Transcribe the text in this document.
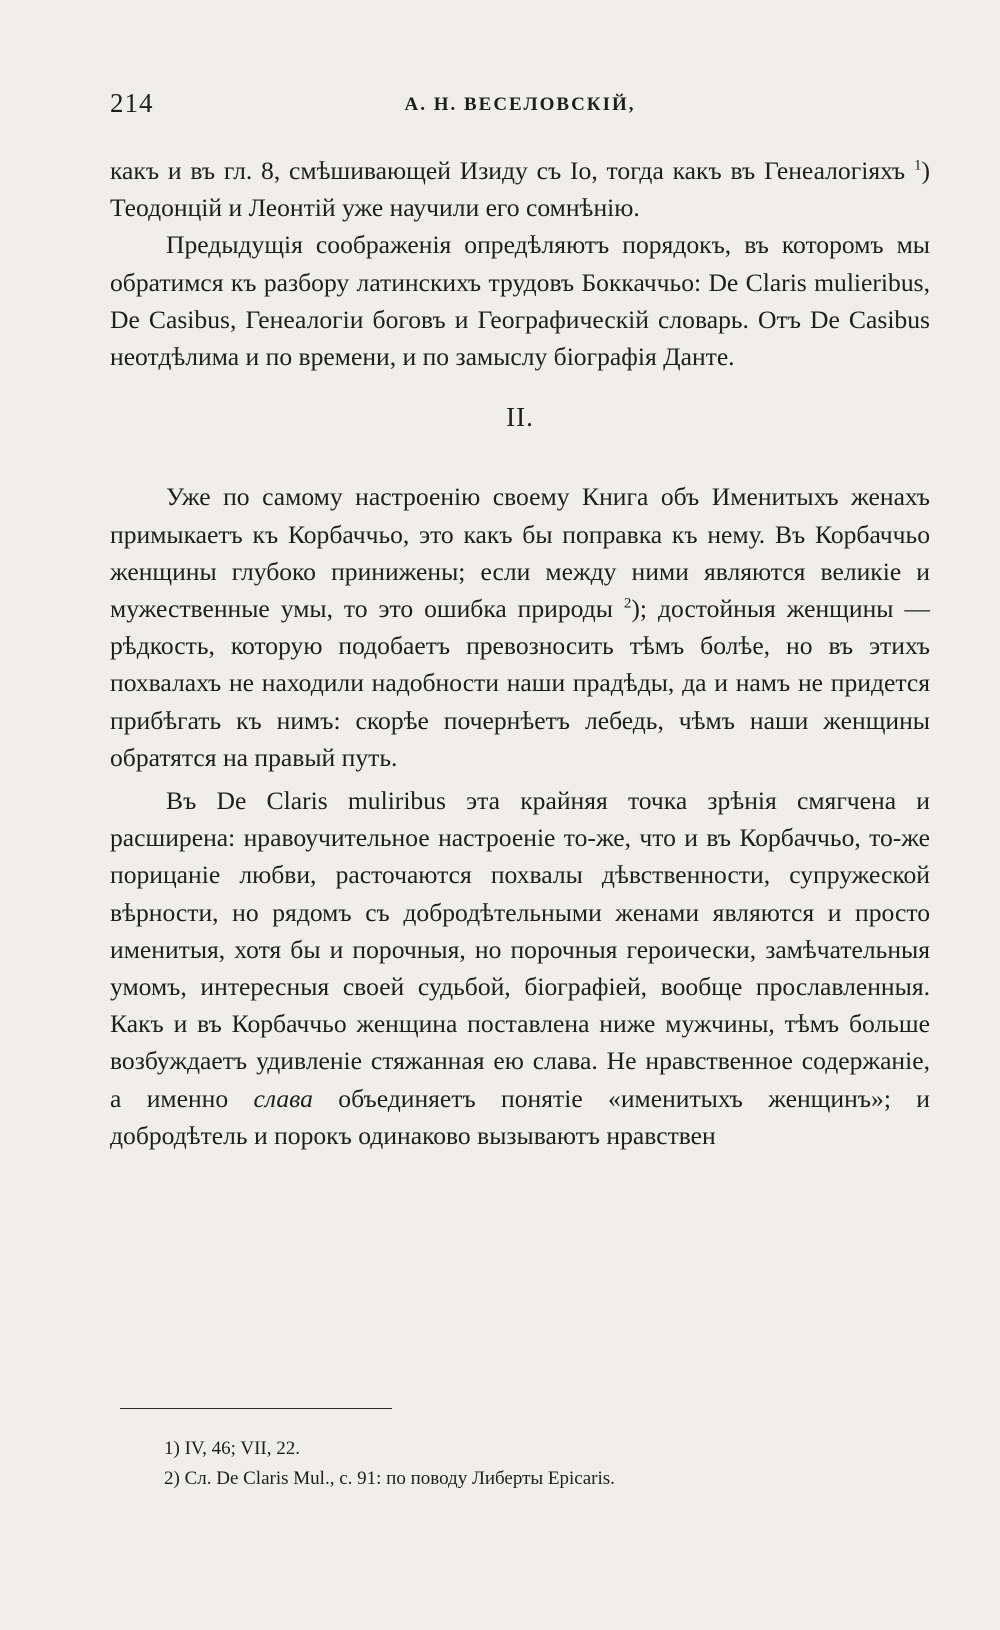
214	А. Н. ВЕСЕЛОВСКІЙ,

какъ и въ гл. 8, смѣшивающей Изиду съ Іо, тогда какъ въ Генеалогіяхъ $^1$) Теодонцій и Леонтій уже научили его сомнѣнію.

Предыдущія соображенія опредѣляютъ порядокъ, въ которомъ мы обратимся къ разбору латинскихъ трудовъ Боккаччьо: De Claris mulieribus, De Casibus, Генеалогіи боговъ и Географическій словарь. Отъ De Casibus неотдѣлима и по времени, и по замыслу біографія Данте.

II.

Уже по самому настроенію своему Книга объ Именитыхъ женахъ примыкаетъ къ Корбаччьо, это какъ бы поправка къ нему. Въ Корбаччьо женщины глубоко принижены; если между ними являются великіе и мужественные умы, то это ошибка природы $^2$); достойныя женщины — рѣдкость, которую подобаетъ превозносить тѣмъ болѣе, но въ этихъ похвалахъ не находили надобности наши прадѣды, да и намъ не придется прибѣгать къ нимъ: скорѣе почернѣетъ лебедь, чѣмъ наши женщины обратятся на правый путь.

Въ De Claris muliribus эта крайняя точка зрѣнія смягчена и расширена: нравоучительное настроеніе то-же, что и въ Корбаччьо, то-же порицаніе любви, расточаются похвалы дѣвственности, супружеской вѣрности, но рядомъ съ добродѣтельными женами являются и просто именитыя, хотя бы и порочныя, но порочныя героически, замѣчательныя умомъ, интересныя своей судьбой, біографіей, вообще прославленныя. Какъ и въ Корбаччьо женщина поставлена ниже мужчины, тѣмъ больше возбуждаетъ удивленіе стяжанная ею слава. Не нравственное содержаніе, а именно слава объединяетъ понятіе «именитыхъ женщинъ»; и добродѣтель и порокъ одинаково вызываютъ нравствен

1) IV, 46; VII, 22.

2) Сл. De Claris Mul., c. 91: по поводу Либерты Epicaris.
